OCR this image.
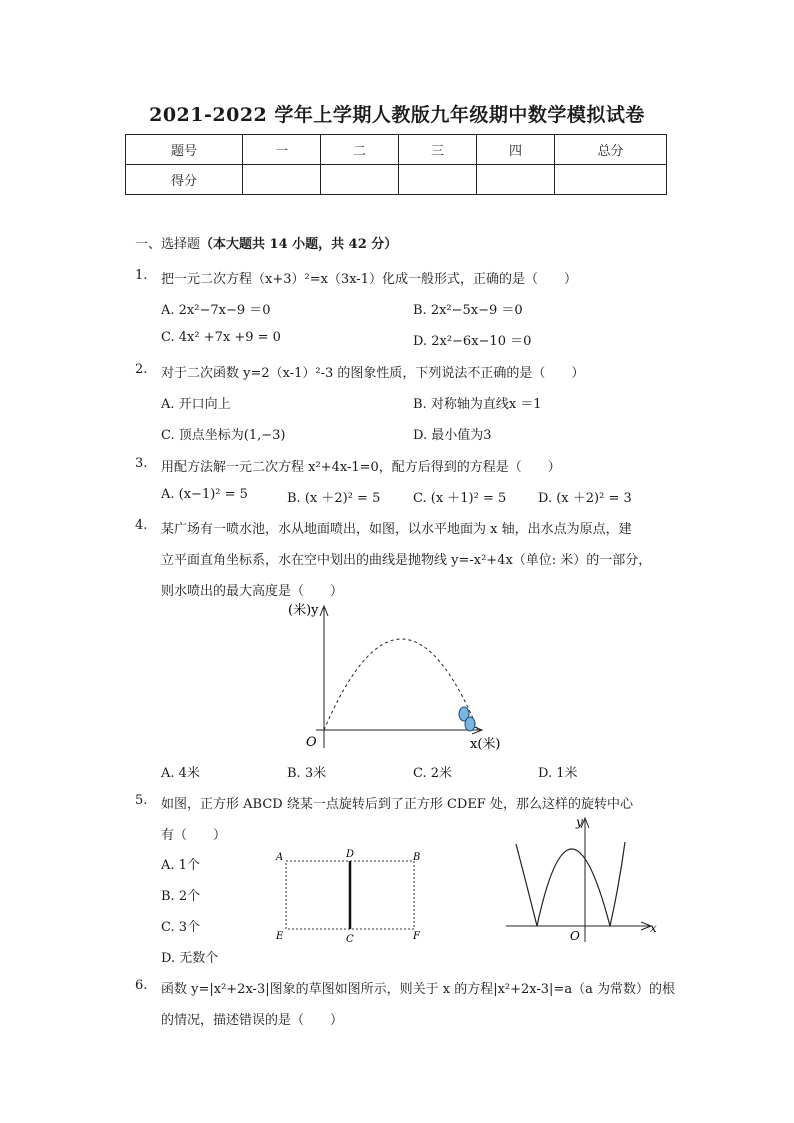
2021-2022 学年上学期人教版九年级期中数学模拟试卷
题号	一	二	三	四	总分
得分					
一、选择题（本大题共 14 小题，共 42 分）
1. 把一元二次方程（x+3）²=x（3x-1）化成一般形式，正确的是（　　）
A. 2x²−7x−9 ＝0	B. 2x²−5x−9 ＝0
C. 4x² +7x +9 = 0	D. 2x²−6x−10 ＝0
2. 对于二次函数 y=2（x-1）²-3 的图象性质，下列说法不正确的是（　　）
A. 开口向上	B. 对称轴为直线x ＝1
C. 顶点坐标为(1,−3)	D. 最小值为3
3. 用配方法解一元二次方程 x²+4x-1=0，配方后得到的方程是（　　）
A. (x−1)² = 5	B. (x ＋2)² = 5	C. (x ＋1)² = 5 D. (x ＋2)² = 3
4. 某广场有一喷水池，水从地面喷出，如图，以水平地面为 x 轴，出水点为原点，建
立平面直角坐标系，水在空中划出的曲线是抛物线 y=-x²+4x（单位: 米）的一部分，
则水喷出的最大高度是（　　）
(米)y
x(米)
O
A. 4米	B. 3米	C. 2米	D. 1米
5. 如图，正方形 ABCD 绕某一点旋转后到了正方形 CDEF 处，那么这样的旋转中心
有（　　）
A. 1个
B. 2个
C. 3个
D. 无数个
A	D	B
E	C	F
y
x
O
6. 函数 y=|x²+2x-3|图象的草图如图所示，则关于 x 的方程|x²+2x-3|=a（a 为常数）的根
的情况，描述错误的是（　　）
